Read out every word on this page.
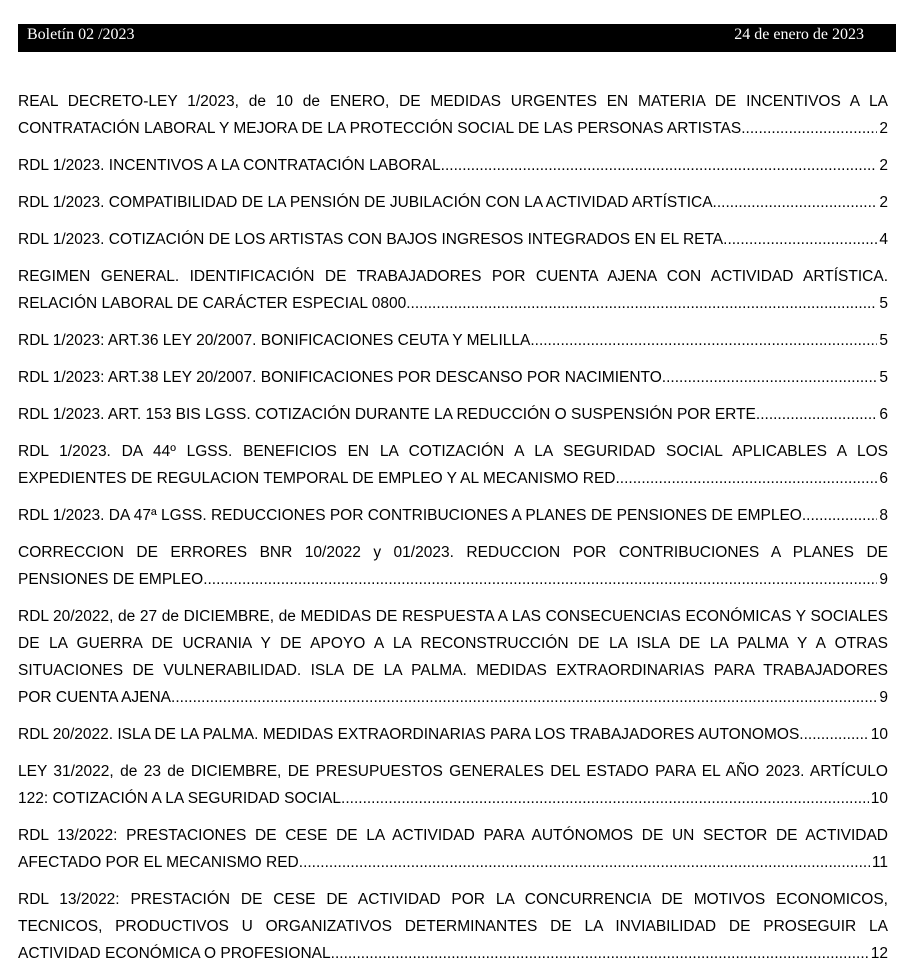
Boletín 02 /2023	24 de enero de 2023
REAL DECRETO-LEY 1/2023, de 10 de ENERO, DE MEDIDAS URGENTES EN MATERIA DE INCENTIVOS A LA
CONTRATACIÓN LABORAL Y MEJORA DE LA PROTECCIÓN SOCIAL DE LAS PERSONAS ARTISTAS. .....	2
RDL 1/2023. INCENTIVOS A LA CONTRATACIÓN LABORAL. .....	2
RDL 1/2023. COMPATIBILIDAD DE LA PENSIÓN DE JUBILACIÓN CON LA ACTIVIDAD ARTÍSTICA .....	2
RDL 1/2023. COTIZACIÓN DE LOS ARTISTAS CON BAJOS INGRESOS INTEGRADOS EN EL RETA .....	4
REGIMEN GENERAL. IDENTIFICACIÓN DE TRABAJADORES POR CUENTA AJENA CON ACTIVIDAD ARTÍSTICA.
RELACIÓN LABORAL DE CARÁCTER ESPECIAL 0800 .....	5
RDL 1/2023: ART.36 LEY 20/2007. BONIFICACIONES CEUTA Y MELILLA. .....	5
RDL 1/2023: ART.38 LEY 20/2007. BONIFICACIONES POR DESCANSO POR NACIMIENTO .....	5
RDL 1/2023. ART. 153 BIS LGSS. COTIZACIÓN DURANTE LA REDUCCIÓN O SUSPENSIÓN POR ERTE. .....	6
RDL 1/2023. DA 44º LGSS. BENEFICIOS EN LA COTIZACIÓN A LA SEGURIDAD SOCIAL APLICABLES A LOS
EXPEDIENTES DE REGULACION TEMPORAL DE EMPLEO Y AL MECANISMO RED. .....	6
RDL 1/2023. DA 47ª LGSS. REDUCCIONES POR CONTRIBUCIONES A PLANES DE PENSIONES DE EMPLEO. .....	8
CORRECCION DE ERRORES BNR 10/2022 y 01/2023. REDUCCION POR CONTRIBUCIONES A PLANES DE
PENSIONES DE EMPLEO. .....	9
RDL 20/2022, de 27 de DICIEMBRE, de MEDIDAS DE RESPUESTA A LAS CONSECUENCIAS ECONÓMICAS Y SOCIALES DE LA GUERRA DE UCRANIA Y DE APOYO A LA RECONSTRUCCIÓN DE LA ISLA DE LA PALMA Y A OTRAS SITUACIONES DE VULNERABILIDAD. ISLA DE LA PALMA. MEDIDAS EXTRAORDINARIAS PARA TRABAJADORES
POR CUENTA AJENA. .....	9
RDL 20/2022. ISLA DE LA PALMA. MEDIDAS EXTRAORDINARIAS PARA LOS TRABAJADORES AUTONOMOS .....	10
LEY 31/2022, de 23 de DICIEMBRE, DE PRESUPUESTOS GENERALES DEL ESTADO PARA EL AÑO 2023. ARTÍCULO
122: COTIZACIÓN A LA SEGURIDAD SOCIAL .....	10
RDL 13/2022: PRESTACIONES DE CESE DE LA ACTIVIDAD PARA AUTÓNOMOS DE UN SECTOR DE ACTIVIDAD
AFECTADO POR EL MECANISMO RED. .....	11
RDL 13/2022: PRESTACIÓN DE CESE DE ACTIVIDAD POR LA CONCURRENCIA DE MOTIVOS ECONOMICOS, TECNICOS, PRODUCTIVOS U ORGANIZATIVOS DETERMINANTES DE LA INVIABILIDAD DE PROSEGUIR LA
ACTIVIDAD ECONÓMICA O PROFESIONAL. .....	12
